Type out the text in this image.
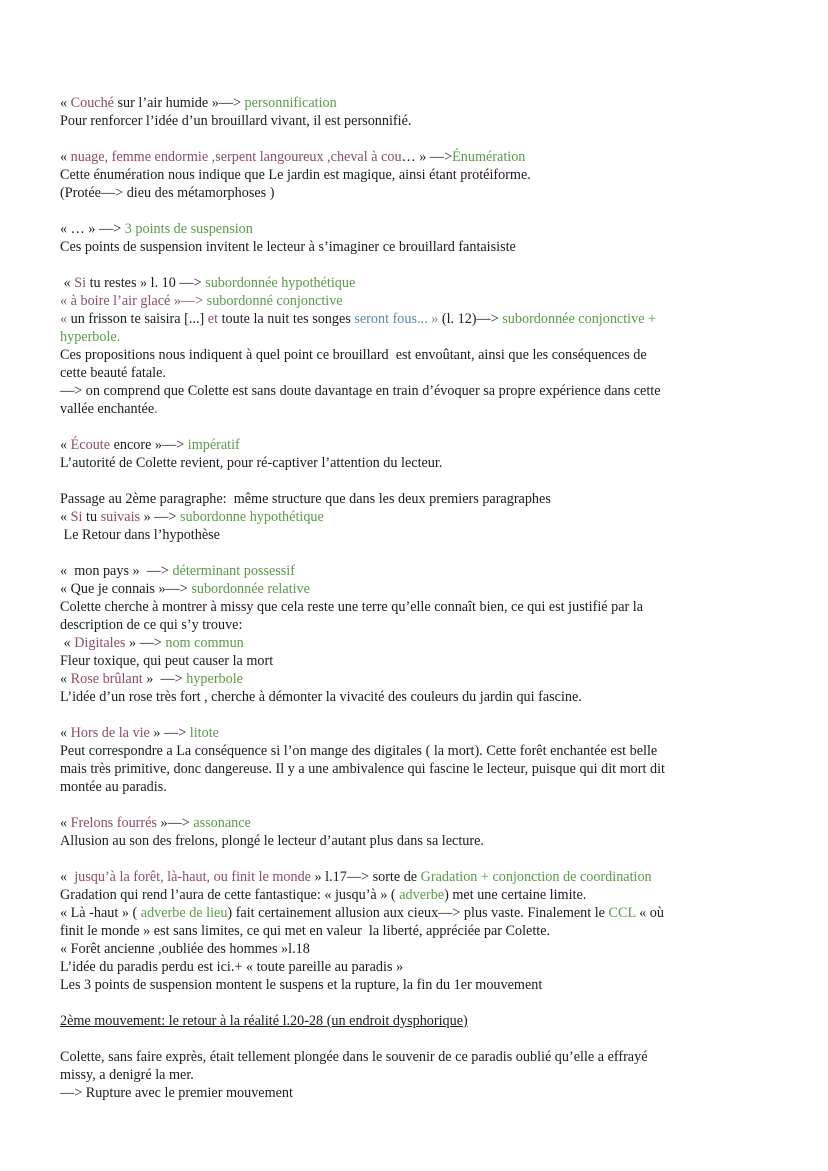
« Couché sur l’air humide »—> personnification
Pour renforcer l’idée d’un brouillard vivant, il est personnifié.
« nuage, femme endormie ,serpent langoureux ,cheval à cou… » —>Énumération
Cette énumération nous indique que Le jardin est magique, ainsi étant protéiforme.
(Protée—> dieu des métamorphoses )
« … » —> 3 points de suspension
Ces points de suspension invitent le lecteur à s’imaginer ce brouillard fantaisiste
« Si tu restes » l. 10 —> subordonnée hypothétique
« à boire l’air glacé »—> subordonné conjonctive
« un frisson te saisira [...] et toute la nuit tes songes seront fous... » (l. 12)—> subordonnée conjonctive +
hyperbole.
Ces propositions nous indiquent à quel point ce brouillard  est envoûtant, ainsi que les conséquences de
cette beauté fatale.
—> on comprend que Colette est sans doute davantage en train d’évoquer sa propre expérience dans cette
vallée enchantée.
« Écoute encore »—> impératif
L’autorité de Colette revient, pour ré-captiver l’attention du lecteur.
Passage au 2ème paragraphe:  même structure que dans les deux premiers paragraphes
« Si tu suivais » —> subordonne hypothétique
Le Retour dans l’hypothèse
«  mon pays »  —> déterminant possessif
« Que je connais »—> subordonnée relative
Colette cherche à montrer à missy que cela reste une terre qu’elle connaît bien, ce qui est justifié par la
description de ce qui s’y trouve:
« Digitales » —> nom commun
Fleur toxique, qui peut causer la mort
« Rose brûlant »  —> hyperbole
L’idée d’un rose très fort , cherche à démonter la vivacité des couleurs du jardin qui fascine.
« Hors de la vie » —> litote
Peut correspondre a La conséquence si l’on mange des digitales ( la mort). Cette forêt enchantée est belle
mais très primitive, donc dangereuse. Il y a une ambivalence qui fascine le lecteur, puisque qui dit mort dit
montée au paradis.
« Frelons fourrés »—> assonance
Allusion au son des frelons, plongé le lecteur d’autant plus dans sa lecture.
«  jusqu’à la forêt, là-haut, ou finit le monde » l.17—> sorte de Gradation + conjonction de coordination
Gradation qui rend l’aura de cette fantastique: « jusqu’à » ( adverbe) met une certaine limite.
« Là -haut » ( adverbe de lieu) fait certainement allusion aux cieux—> plus vaste. Finalement le CCL « où
finit le monde » est sans limites, ce qui met en valeur  la liberté, appréciée par Colette.
« Forêt ancienne ,oubliée des hommes »l.18
L’idée du paradis perdu est ici.+ « toute pareille au paradis »
Les 3 points de suspension montent le suspens et la rupture, la fin du 1er mouvement
2ème mouvement: le retour à la réalité l.20-28 (un endroit dysphorique)
Colette, sans faire exprès, était tellement plongée dans le souvenir de ce paradis oublié qu’elle a effrayé
missy, a denigré la mer.
—> Rupture avec le premier mouvement
